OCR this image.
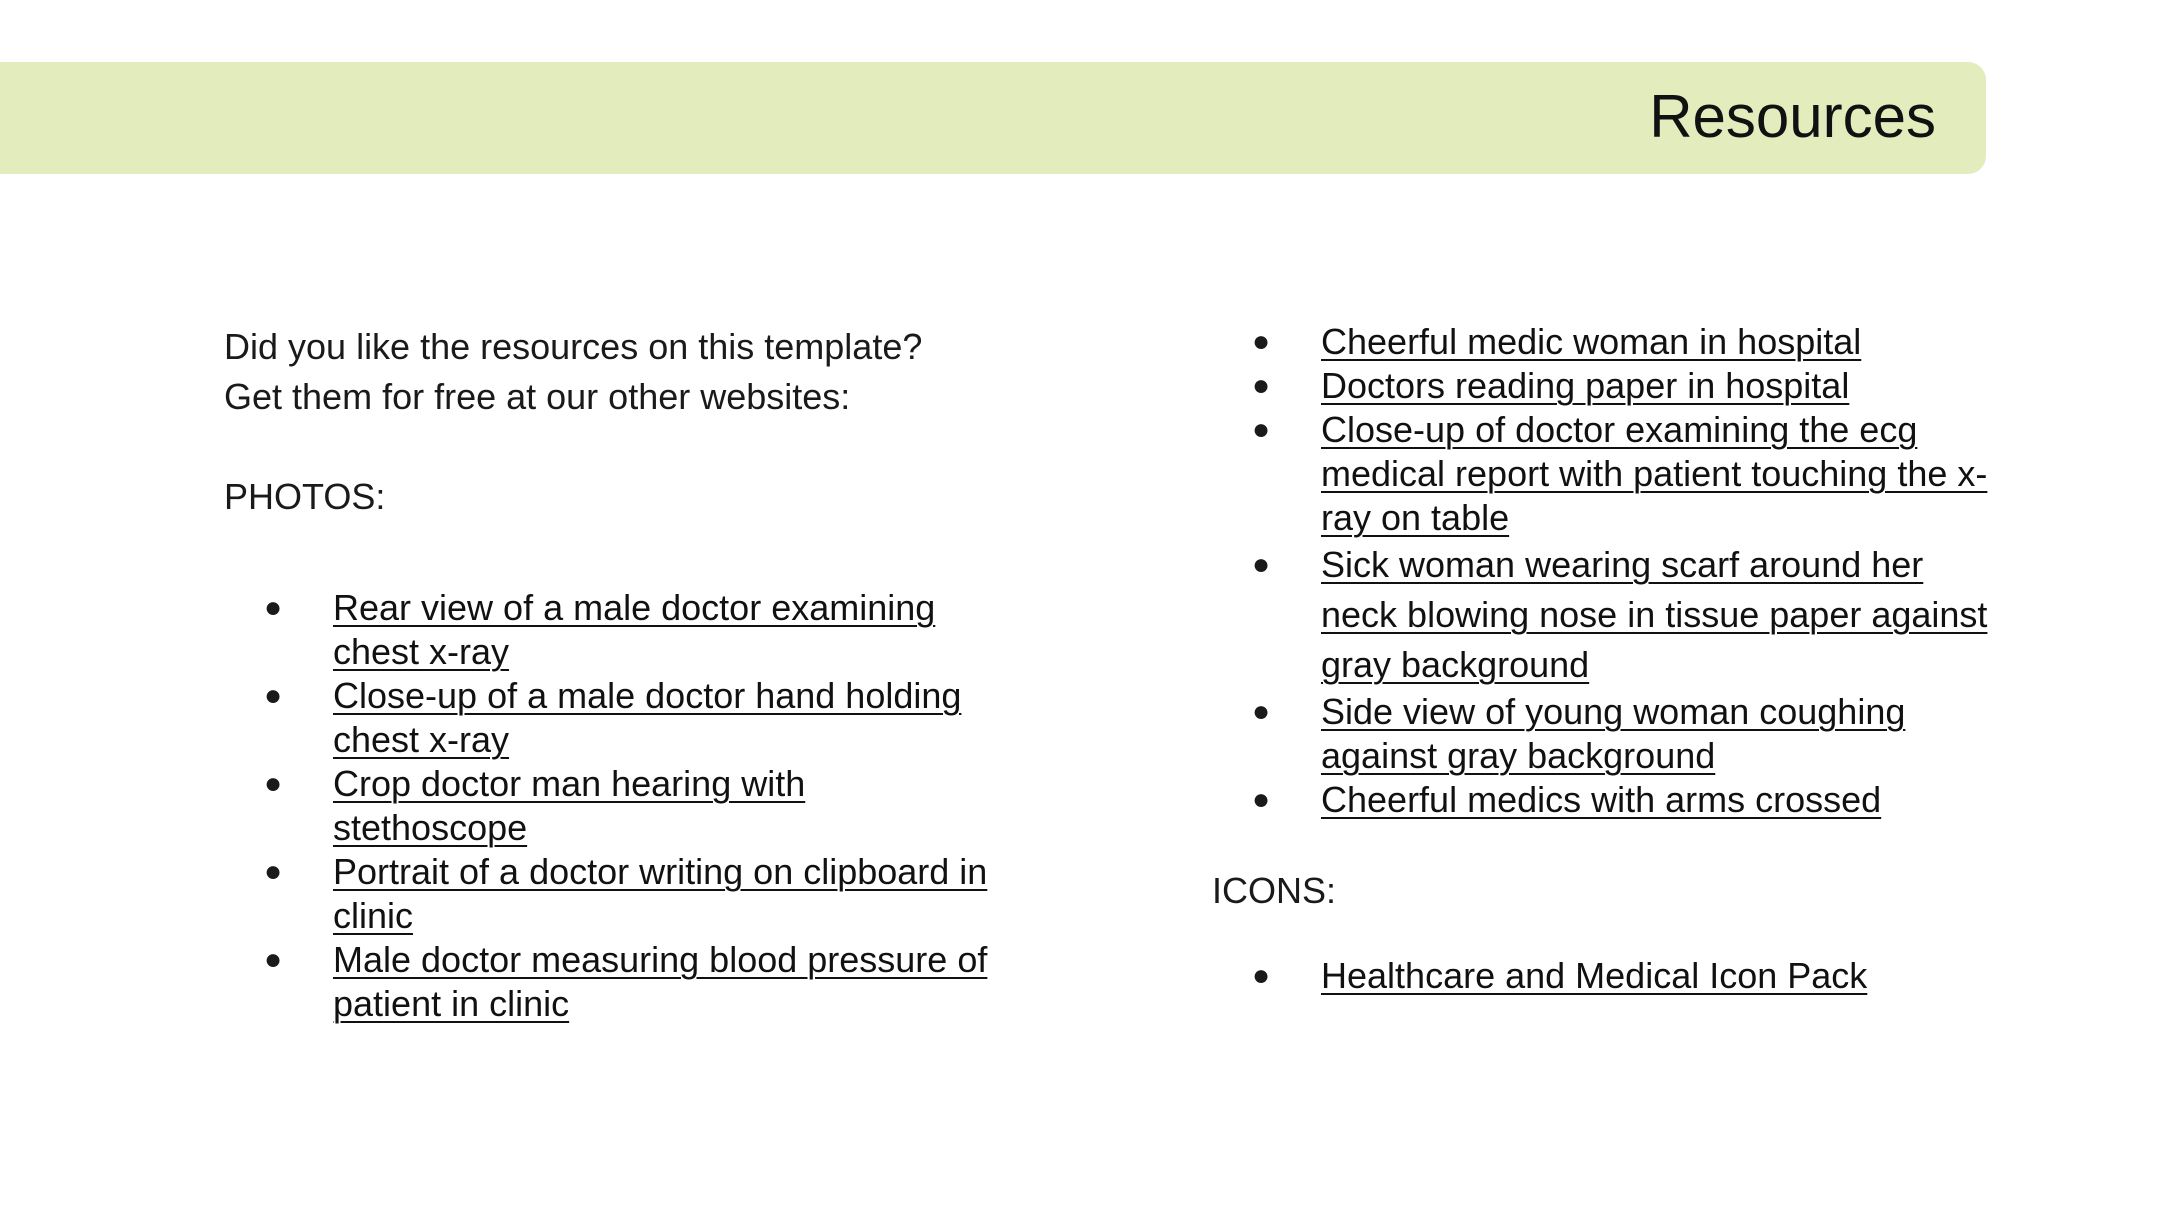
Resources

Did you like the resources on this template?

Get them for free at our other websites:

PHOTOS:

● Rear view of a male doctor examining chest x-ray
● Close-up of a male doctor hand holding chest x-ray
● Crop doctor man hearing with stethoscope
● Portrait of a doctor writing on clipboard in clinic
● Male doctor measuring blood pressure of patient in clinic
● Cheerful medic woman in hospital
● Doctors reading paper in hospital
● Close-up of doctor examining the ecg medical report with patient touching the x-ray on table
● Sick woman wearing scarf around her neck blowing nose in tissue paper against gray background
● Side view of young woman coughing against gray background
● Cheerful medics with arms crossed

ICONS:

● Healthcare and Medical Icon Pack
